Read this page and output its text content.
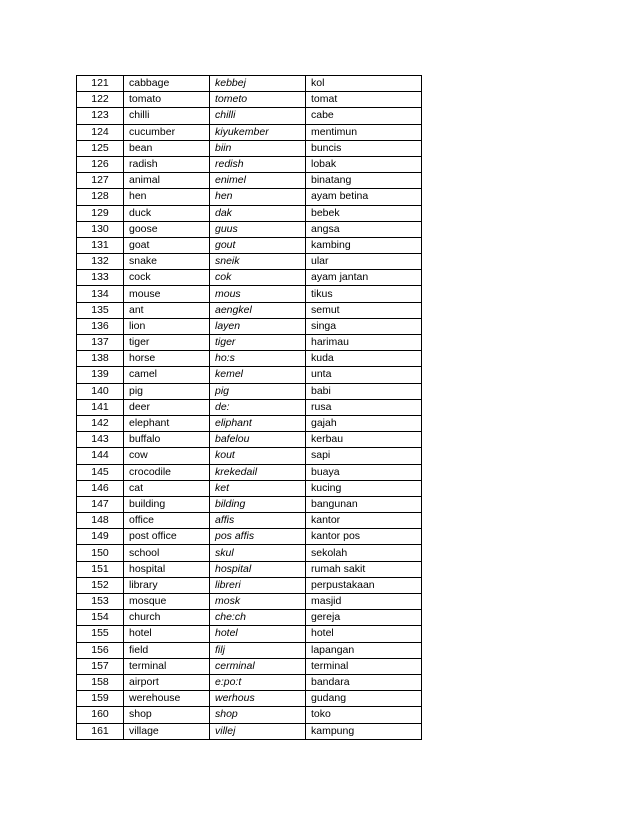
121	cabbage	kebbej	kol
122	tomato	tometo	tomat
123	chilli	chilli	cabe
124	cucumber	kiyukember	mentimun
125	bean	biin	buncis
126	radish	redish	lobak
127	animal	enimel	binatang
128	hen	hen	ayam betina
129	duck	dak	bebek
130	goose	guus	angsa
131	goat	gout	kambing
132	snake	sneik	ular
133	cock	cok	ayam jantan
134	mouse	mous	tikus
135	ant	aengkel	semut
136	lion	layen	singa
137	tiger	tiger	harimau
138	horse	ho:s	kuda
139	camel	kemel	unta
140	pig	pig	babi
141	deer	de:	rusa
142	elephant	eliphant	gajah
143	buffalo	bafelou	kerbau
144	cow	kout	sapi
145	crocodile	krekedail	buaya
146	cat	ket	kucing
147	building	bilding	bangunan
148	office	affis	kantor
149	post office	pos affis	kantor pos
150	school	skul	sekolah
151	hospital	hospital	rumah sakit
152	library	libreri	perpustakaan
153	mosque	mosk	masjid
154	church	che:ch	gereja
155	hotel	hotel	hotel
156	field	filj	lapangan
157	terminal	cerminal	terminal
158	airport	e:po:t	bandara
159	werehouse	werhous	gudang
160	shop	shop	toko
161	village	villej	kampung
